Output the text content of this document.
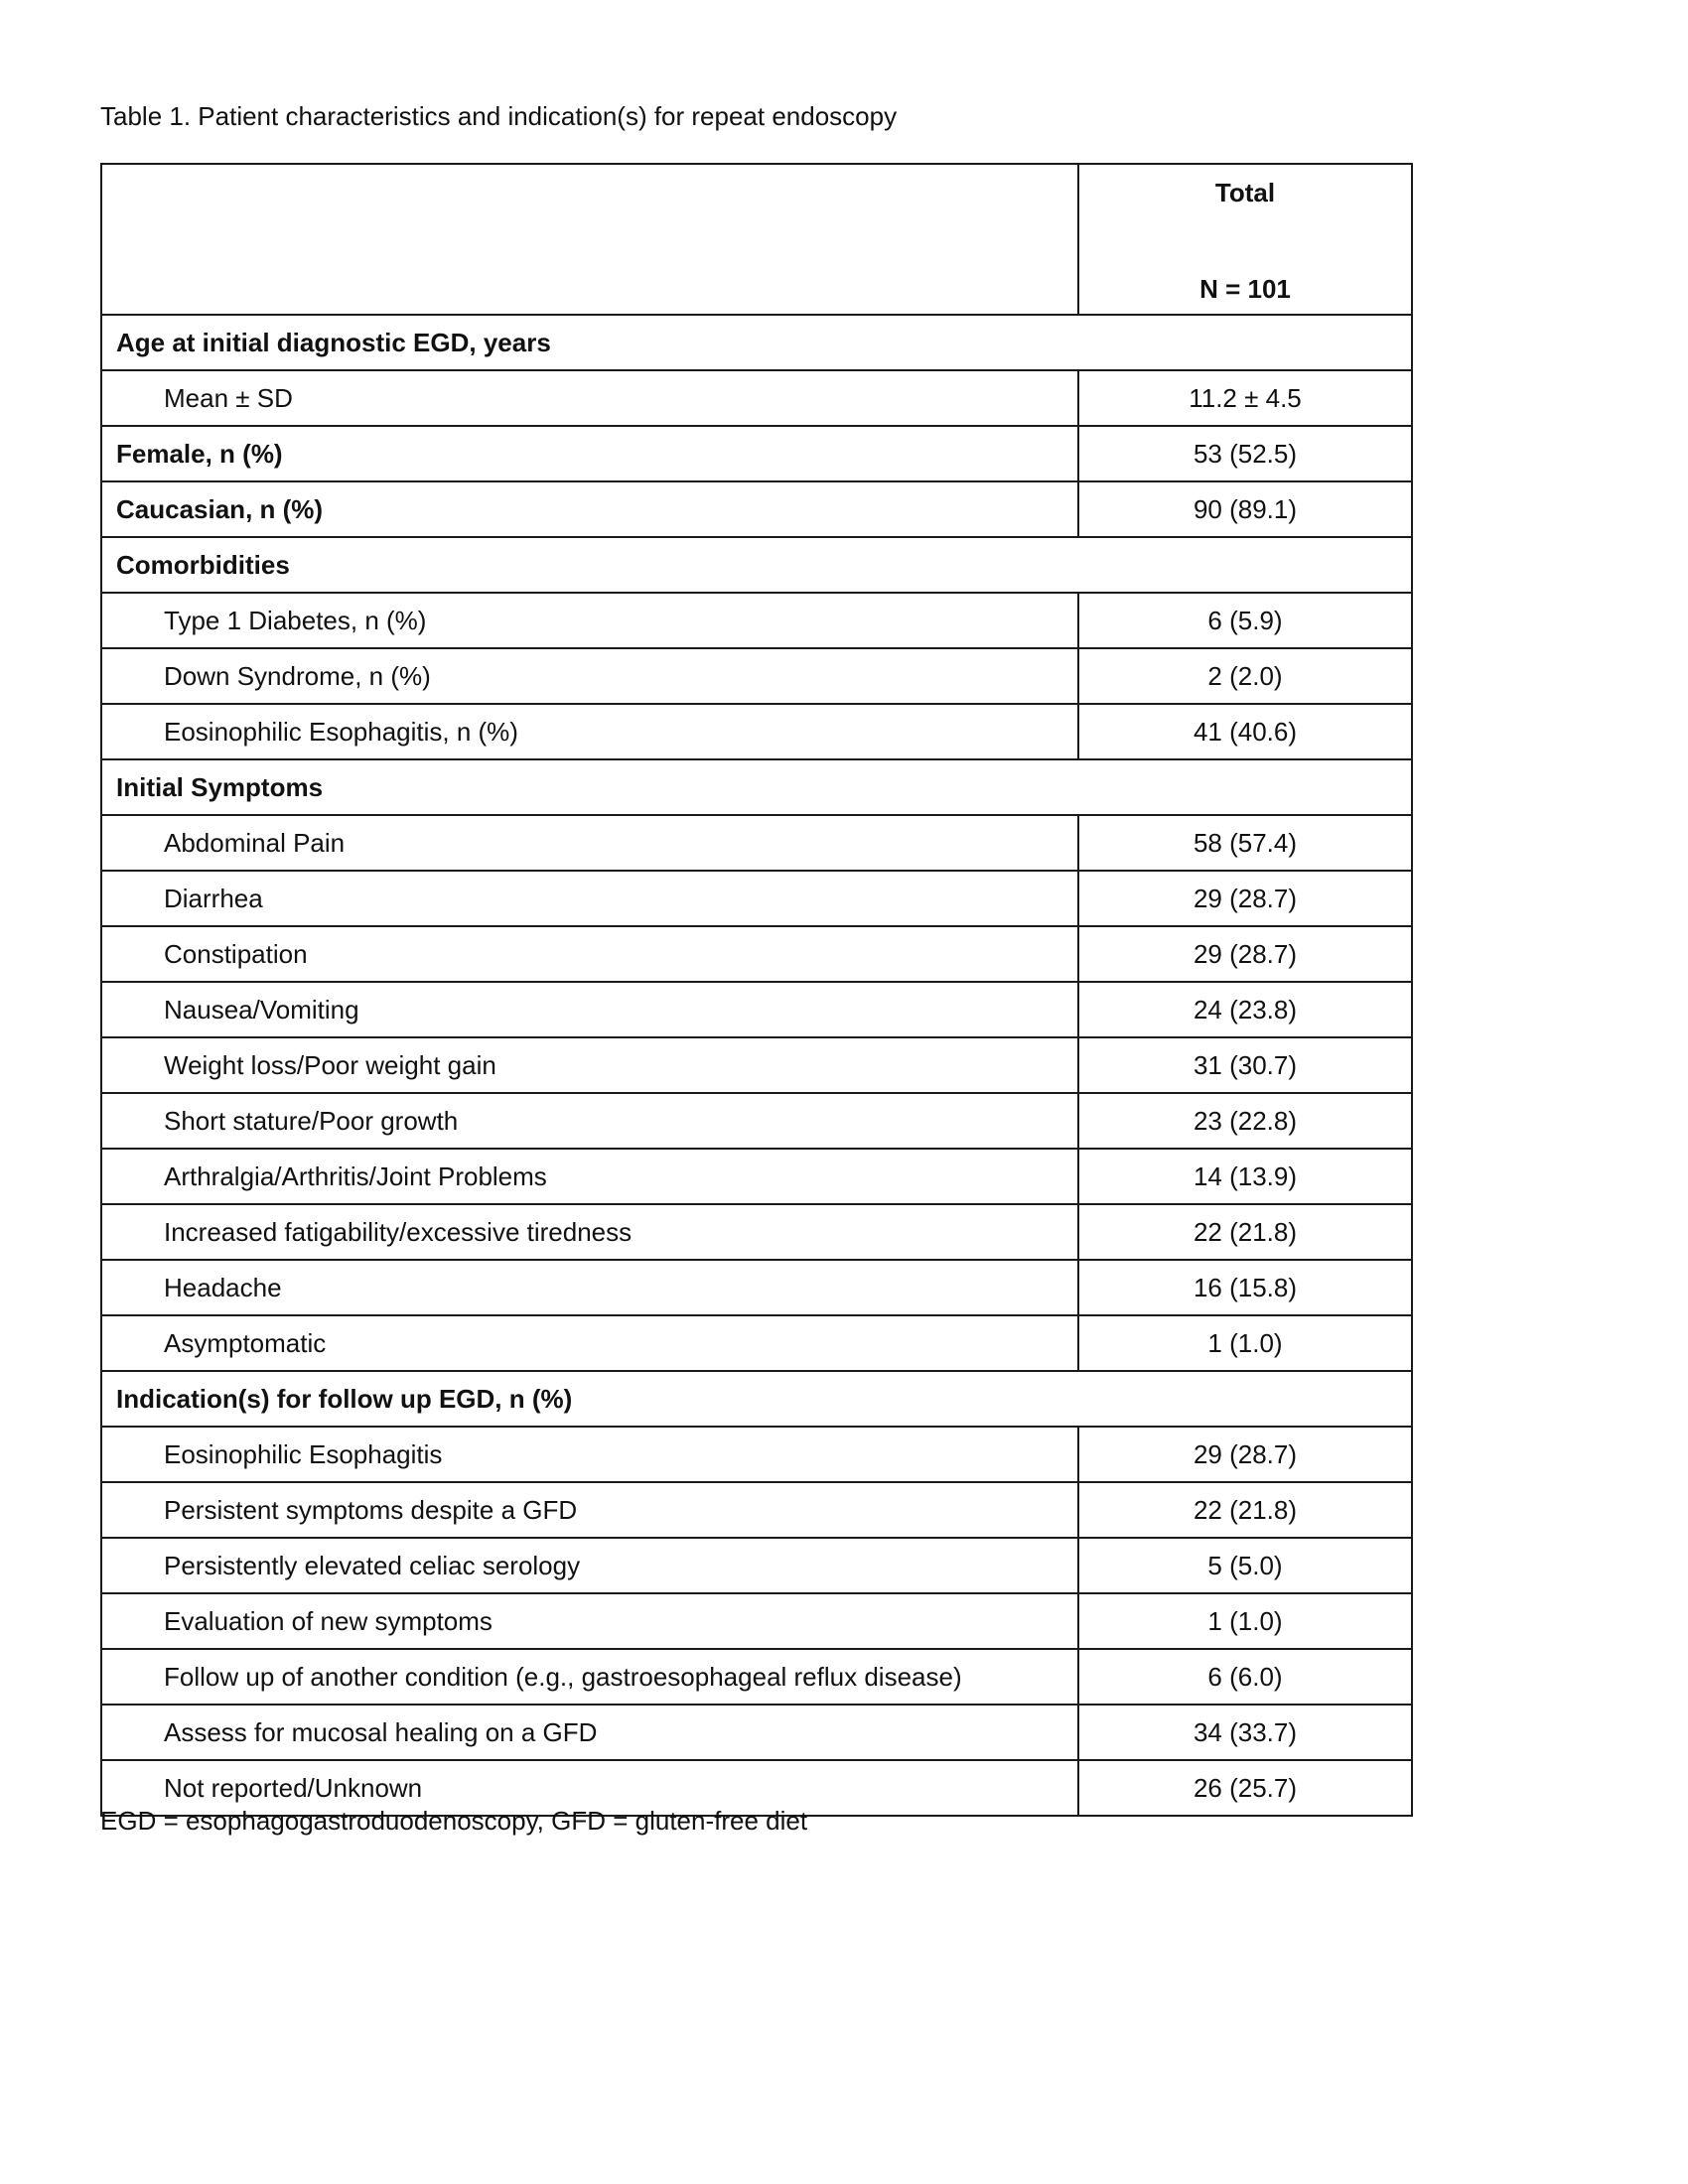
Table 1. Patient characteristics and indication(s) for repeat endoscopy

	Total
N = 101

Age at initial diagnostic EGD, years	
Mean ± SD	11.2 ± 4.5
Female, n (%)	53 (52.5)
Caucasian, n (%)	90 (89.1)
Comorbidities	
Type 1 Diabetes, n (%)	6 (5.9)
Down Syndrome, n (%)	2 (2.0)
Eosinophilic Esophagitis, n (%)	41 (40.6)
Initial Symptoms	
Abdominal Pain	58 (57.4)
Diarrhea	29 (28.7)
Constipation	29 (28.7)
Nausea/Vomiting	24 (23.8)
Weight loss/Poor weight gain	31 (30.7)
Short stature/Poor growth	23 (22.8)
Arthralgia/Arthritis/Joint Problems	14 (13.9)
Increased fatigability/excessive tiredness	22 (21.8)
Headache	16 (15.8)
Asymptomatic	1 (1.0)
Indication(s) for follow up EGD, n (%)	
Eosinophilic Esophagitis	29 (28.7)
Persistent symptoms despite a GFD	22 (21.8)
Persistently elevated celiac serology	5 (5.0)
Evaluation of new symptoms	1 (1.0)
Follow up of another condition (e.g., gastroesophageal reflux disease)	6 (6.0)
Assess for mucosal healing on a GFD	34 (33.7)
Not reported/Unknown	26 (25.7)
EGD = esophagogastroduodenoscopy, GFD = gluten-free diet
